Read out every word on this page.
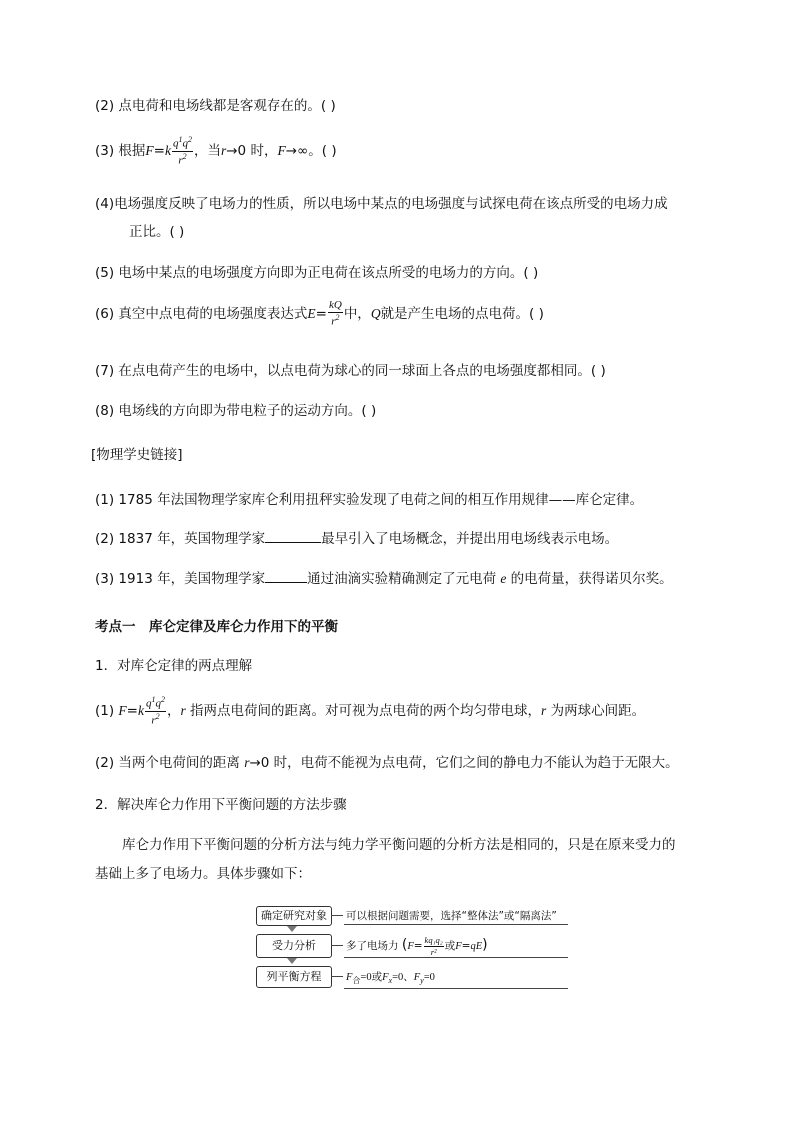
(2) 点电荷和电场线都是客观存在的。( )
(3) 根据$F=k \frac{q^1q^2}{r^2}$ ，当r→0 时，F→∞。( )
(4)电场强度反映了电场力的性质，所以电场中某点的电场强度与试探电荷在该点所受的电场力成
正比。( )
(5) 电场中某点的电场强度方向即为正电荷在该点所受的电场力的方向。( )
(6) 真空中点电荷的电场强度表达式$E= \frac{kQ}{r^2}$ 中，Q就是产生电场的点电荷。( )
(7) 在点电荷产生的电场中，以点电荷为球心的同一球面上各点的电场强度都相同。( )
(8) 电场线的方向即为带电粒子的运动方向。( )
[物理学史链接]
(1) 1785 年法国物理学家库仑利用扭秤实验发现了电荷之间的相互作用规律——库仑定律。
(2) 1837 年，英国物理学家	最早引入了电场概念，并提出用电场线表示电场。
(3) 1913 年，美国物理学家	通过油滴实验精确测定了元电荷 e 的电荷量，获得诺贝尔奖。
考点一　库仑定律及库仑力作用下的平衡
1．对库仑定律的两点理解
(1) $F=k \frac{q^1q^2}{r^2}$ ，r 指两点电荷间的距离。对可视为点电荷的两个均匀带电球，r 为两球心间距。
(2) 当两个电荷间的距离 r→0 时，电荷不能视为点电荷，它们之间的静电力不能认为趋于无限大。
2．解决库仑力作用下平衡问题的方法步骤
库仑力作用下平衡问题的分析方法与纯力学平衡问题的分析方法是相同的，只是在原来受力的
基础上多了电场力。具体步骤如下：
确定研究对象
受力分析
列平衡方程
可以根据问题需要，选择“整体法”或“隔离法”
多了电场力 ($F= \frac{\text{kq₁q₂}}{\text{r²}}$ 或F=qE)
$F_合=0$或$F_x=0$、$F_y=0$
